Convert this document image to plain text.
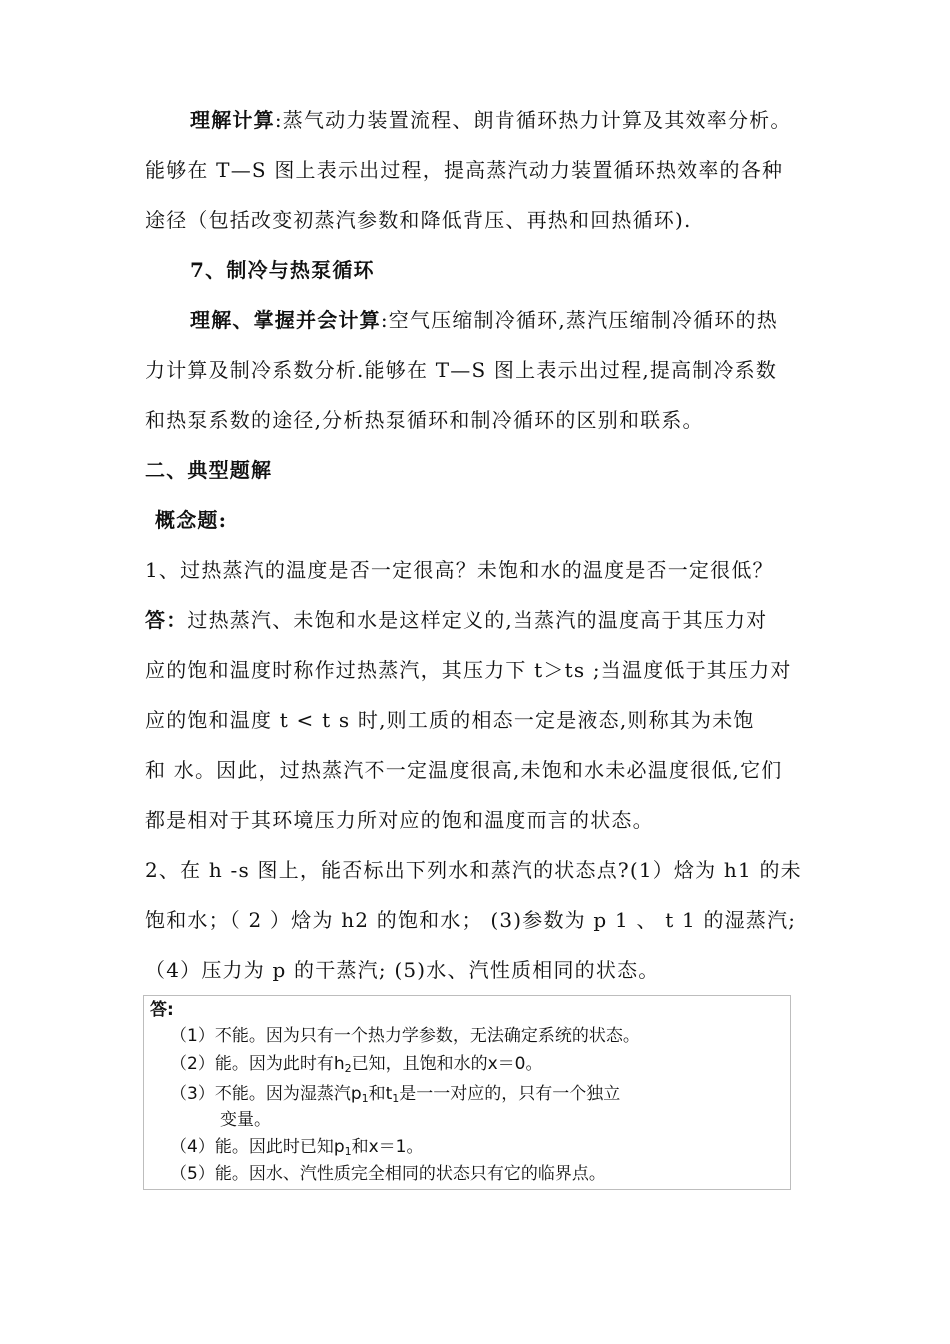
理解计算:蒸气动力装置流程、朗肯循环热力计算及其效率分析。
能够在 T—S 图上表示出过程，提高蒸汽动力装置循环热效率的各种
途径（包括改变初蒸汽参数和降低背压、再热和回热循环).
7、制冷与热泵循环
理解、掌握并会计算:空气压缩制冷循环,蒸汽压缩制冷循环的热
力计算及制冷系数分析.能够在 T—S 图上表示出过程,提高制冷系数
和热泵系数的途径,分析热泵循环和制冷循环的区别和联系。
二、典型题解
概念题:
1、过热蒸汽的温度是否一定很高？未饱和水的温度是否一定很低？
答：过热蒸汽、未饱和水是这样定义的,当蒸汽的温度高于其压力对
应的饱和温度时称作过热蒸汽，其压力下 t＞ts ;当温度低于其压力对
应的饱和温度 t < t s 时,则工质的相态一定是液态,则称其为未饱
和 水。因此，过热蒸汽不一定温度很高,未饱和水未必温度很低,它们
都是相对于其环境压力所对应的饱和温度而言的状态。
2、在 h -s 图上，能否标出下列水和蒸汽的状态点?(1）焓为 h1 的未
饱和水；（ 2 ）焓为 h2 的饱和水； (3)参数为 p 1 、 t 1 的湿蒸汽;
（4）压力为 p 的干蒸汽; (5)水、汽性质相同的状态。
答:
（1）不能。因为只有一个热力学参数，无法确定系统的状态。
（2）能。因为此时有$h_2$已知，且饱和水的x＝0。
（3）不能。因为湿蒸汽$p_1$和$t_1$是一一对应的，只有一个独立
变量。
（4）能。因此时已知$p_1$和x＝1。
（5）能。因水、汽性质完全相同的状态只有它的临界点。
